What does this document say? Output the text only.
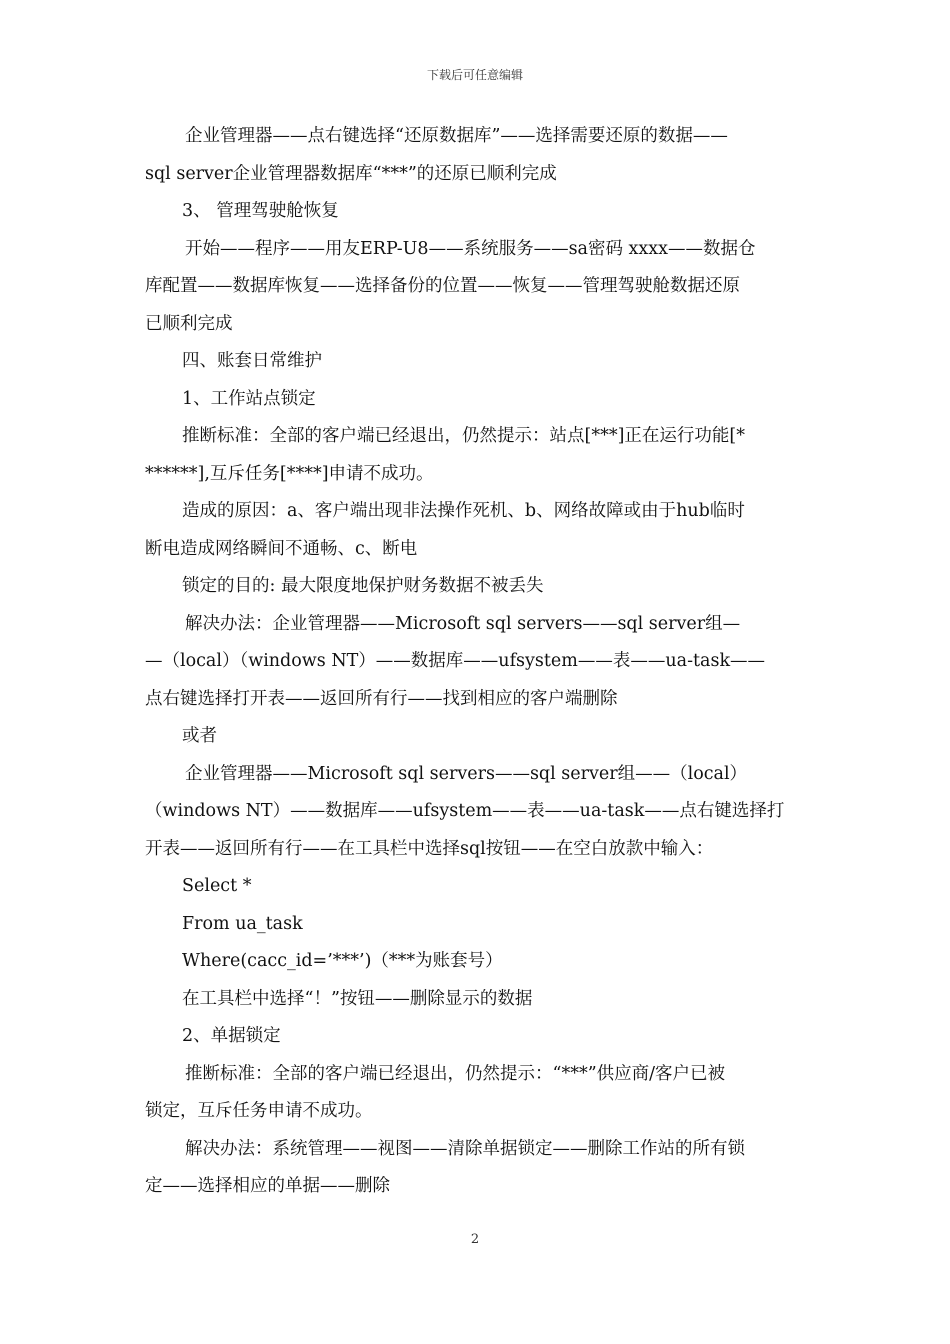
下载后可任意编辑
企业管理器——点右键选择“还原数据库”——选择需要还原的数据——
sql server企业管理器数据库“***”的还原已顺利完成
3、 管理驾驶舱恢复
开始——程序——用友ERP-U8——系统服务——sa密码 xxxx——数据仓
库配置——数据库恢复——选择备份的位置——恢复——管理驾驶舱数据还原
已顺利完成
四、账套日常维护
1、工作站点锁定
推断标准：全部的客户端已经退出，仍然提示：站点[***]正在运行功能[*
******],互斥任务[****]申请不成功。
造成的原因：a、客户端出现非法操作死机、b、网络故障或由于hub临时
断电造成网络瞬间不通畅、c、断电
锁定的目的: 最大限度地保护财务数据不被丢失
解决办法：企业管理器——Microsoft sql servers——sql server组—
—（local）（windows NT）——数据库——ufsystem——表——ua-task——
点右键选择打开表——返回所有行——找到相应的客户端删除
或者
企业管理器——Microsoft sql servers——sql server组——（local）
（windows NT）——数据库——ufsystem——表——ua-task——点右键选择打
开表——返回所有行——在工具栏中选择sql按钮——在空白放款中输入：
Select *
From ua_task
Where(cacc_id=’***’)（***为账套号）
在工具栏中选择“！”按钮——删除显示的数据
2、单据锁定
推断标准：全部的客户端已经退出，仍然提示：“***”供应商/客户已被
锁定，互斥任务申请不成功。
解决办法：系统管理——视图——清除单据锁定——删除工作站的所有锁
定——选择相应的单据——删除
2
